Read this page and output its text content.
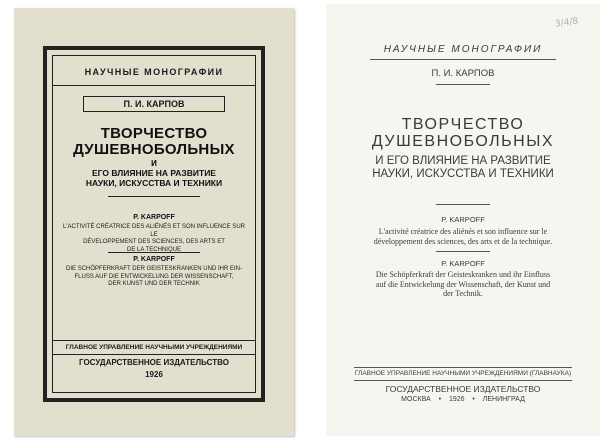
НАУЧНЫЕ МОНОГРАФИИ
П. И. КАРПОВ
ТВОРЧЕСТВО
ДУШЕВНОБОЛЬНЫХ
И
ЕГО ВЛИЯНИЕ НА РАЗВИТИЕ
НАУКИ, ИСКУССТВА И ТЕХНИКИ
P. KARPOFF
L'ACTIVITÉ CRÉATRICE DES ALIÉNÉS ET SON INFLUENCE SUR LE
DÉVELOPPEMENT DES SCIENCES, DES ARTS ET
DE LA TECHNIQUE
P. KARPOFF
DIE SCHÖPFERKRAFT DER GEISTESKRANKEN UND IHR EIN-
FLUSS AUF DIE ENTWICKELUNG DER WISSENSCHAFT,
DER KUNST UND DER TECHNIK
ГЛАВНОЕ УПРАВЛЕНИЕ НАУЧНЫМИ УЧРЕЖДЕНИЯМИ
ГОСУДАРСТВЕННОЕ ИЗДАТЕЛЬСТВО
1926
3/4/8
НАУЧНЫЕ МОНОГРАФИИ
П. И. КАРПОВ
ТВОРЧЕСТВО
ДУШЕВНОБОЛЬНЫХ
И ЕГО ВЛИЯНИЕ НА РАЗВИТИЕ
НАУКИ, ИСКУССТВА И ТЕХНИКИ
P. KARPOFF
L'activité créatrice des aliénés et son influence sur le
développement des sciences, des arts et de la technique.
P. KARPOFF
Die Schöpferkraft der Geisteskranken und ihr Einfluss
auf die Entwickelung der Wissenschaft, der Kunst und
der Technik.
ГЛАВНОЕ УПРАВЛЕНИЕ НАУЧНЫМИ УЧРЕЖДЕНИЯМИ (ГЛАВНАУКА)
ГОСУДАРСТВЕННОЕ ИЗДАТЕЛЬСТВО
МОСКВА  •  1926  •  ЛЕНИНГРАД
